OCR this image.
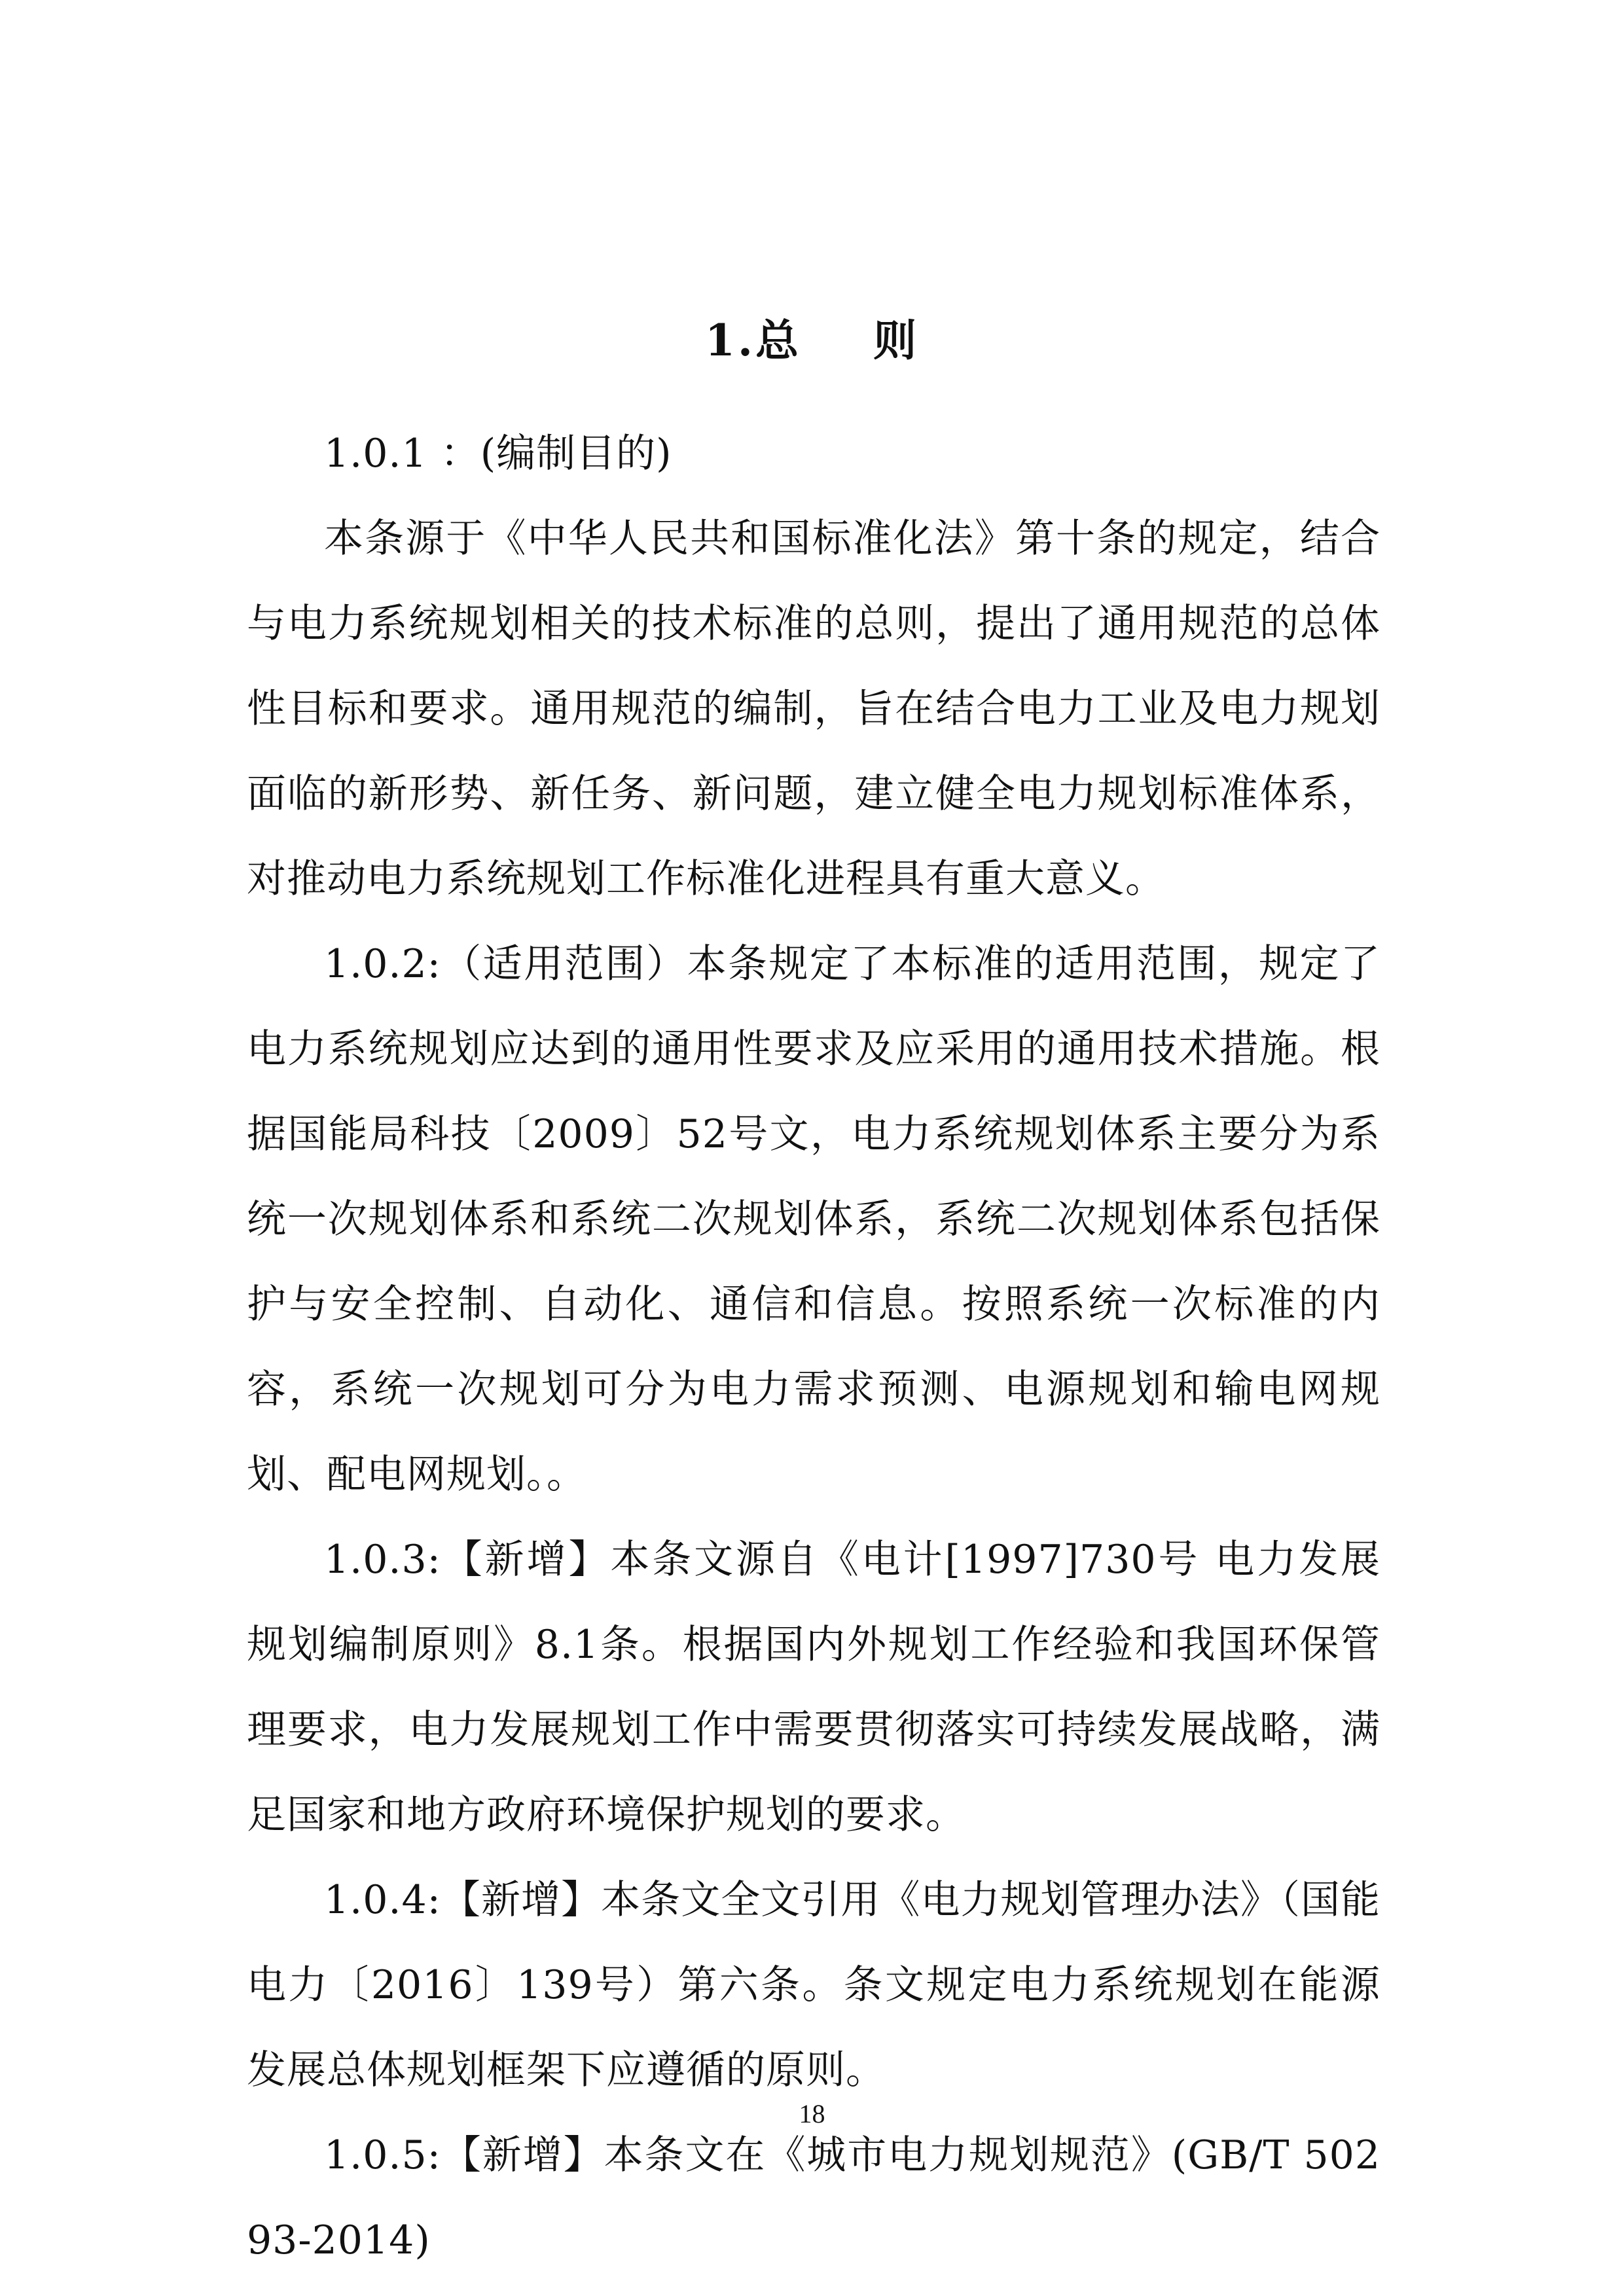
1.总 则

1.0.1 ：(编制目的)

本条源于《中华人民共和国标准化法》第十条的规定，结合与电力系统规划相关的技术标准的总则，提出了通用规范的总体性目标和要求。通用规范的编制，旨在结合电力工业及电力规划面临的新形势、新任务、新问题，建立健全电力规划标准体系，对推动电力系统规划工作标准化进程具有重大意义。

1.0.2:（适用范围）本条规定了本标准的适用范围，规定了电力系统规划应达到的通用性要求及应采用的通用技术措施。根据国能局科技〔2009〕52号文，电力系统规划体系主要分为系统一次规划体系和系统二次规划体系，系统二次规划体系包括保护与安全控制、自动化、通信和信息。按照系统一次标准的内容，系统一次规划可分为电力需求预测、电源规划和输电网规划、配电网规划。。

1.0.3:【新增】本条文源自《电计[1997]730号 电力发展规划编制原则》8.1条。根据国内外规划工作经验和我国环保管理要求，电力发展规划工作中需要贯彻落实可持续发展战略，满足国家和地方政府环境保护规划的要求。

1.0.4:【新增】本条文全文引用《电力规划管理办法》（国能电力〔2016〕139号）第六条。条文规定电力系统规划在能源发展总体规划框架下应遵循的原则。

1.0.5:【新增】本条文在《城市电力规划规范》(GB/T 50293-2014)

18
